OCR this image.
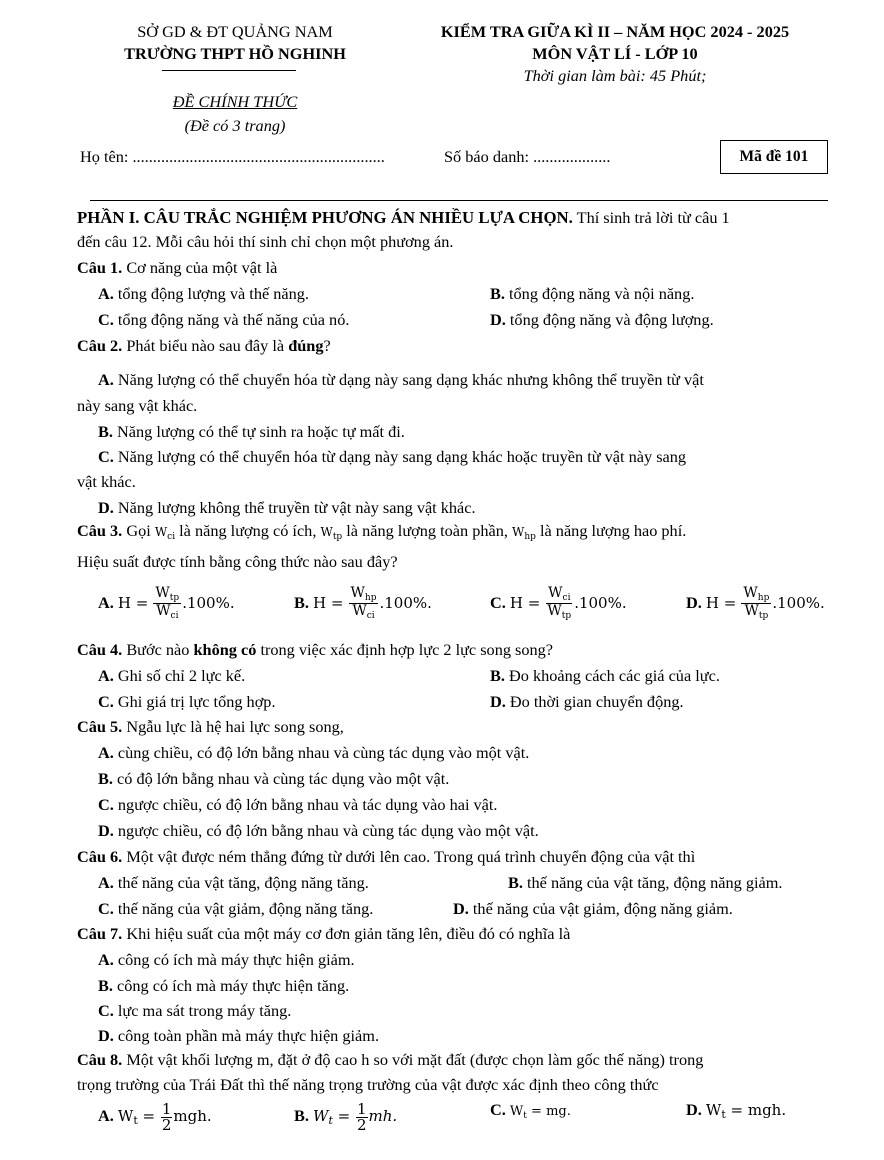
SỞ GD & ĐT QUẢNG NAM
TRƯỜNG THPT HỒ NGHINH
ĐỀ CHÍNH THỨC
(Đề có 3 trang)
KIỂM TRA GIỮA KÌ II – NĂM HỌC 2024 - 2025
MÔN VẬT LÍ - LỚP 10
Thời gian làm bài: 45 Phút;
Họ tên: ..............................................................	Số báo danh: ...................	Mã đề 101
PHẦN I. CÂU TRẮC NGHIỆM PHƯƠNG ÁN NHIỀU LỰA CHỌN. Thí sinh trả lời từ câu 1
đến câu 12. Mỗi câu hỏi thí sinh chỉ chọn một phương án.
Câu 1. Cơ năng của một vật là
A. tổng động lượng và thế năng.	B. tổng động năng và nội năng.
C. tổng động năng và thế năng của nó.	D. tổng động năng và động lượng.
Câu 2. Phát biểu nào sau đây là đúng?
A. Năng lượng có thể chuyển hóa từ dạng này sang dạng khác nhưng không thể truyền từ vật
này sang vật khác.
B. Năng lượng có thể tự sinh ra hoặc tự mất đi.
C. Năng lượng có thể chuyển hóa từ dạng này sang dạng khác hoặc truyền từ vật này sang
vật khác.
D. Năng lượng không thể truyền từ vật này sang vật khác.
Câu 3. Gọi $W_{ci}$ là năng lượng có ích, $W_{tp}$ là năng lượng toàn phần, $W_{hp}$ là năng lượng hao phí.
Hiệu suất được tính bằng công thức nào sau đây?
A. $H = \frac{W_{tp}}{W_{ci}} .100\%$.	B. $H = \frac{W_{hp}}{W_{ci}} .100\%$.	C. $H = \frac{W_{ci}}{W_{tp}} .100\%$.	D. $H = \frac{W_{hp}}{W_{tp}} .100\%$.
Câu 4. Bước nào không có trong việc xác định hợp lực 2 lực song song?
A. Ghi số chỉ 2 lực kế.	B. Đo khoảng cách các giá của lực.
C. Ghi giá trị lực tổng hợp.	D. Đo thời gian chuyển động.
Câu 5. Ngẫu lực là hệ hai lực song song,
A. cùng chiều, có độ lớn bằng nhau và cùng tác dụng vào một vật.
B. có độ lớn bằng nhau và cùng tác dụng vào một vật.
C. ngược chiều, có độ lớn bằng nhau và tác dụng vào hai vật.
D. ngược chiều, có độ lớn bằng nhau và cùng tác dụng vào một vật.
Câu 6. Một vật được ném thẳng đứng từ dưới lên cao. Trong quá trình chuyển động của vật thì
A. thế năng của vật tăng, động năng tăng.	B. thế năng của vật tăng, động năng giảm.
C. thế năng của vật giảm, động năng tăng.	D. thế năng của vật giảm, động năng giảm.
Câu 7. Khi hiệu suất của một máy cơ đơn giản tăng lên, điều đó có nghĩa là
A. công có ích mà máy thực hiện giảm.
B. công có ích mà máy thực hiện tăng.
C. lực ma sát trong máy tăng.
D. công toàn phần mà máy thực hiện giảm.
Câu 8. Một vật khối lượng m, đặt ở độ cao h so với mặt đất (được chọn làm gốc thế năng) trong
trọng trường của Trái Đất thì thế năng trọng trường của vật được xác định theo công thức
A. $W_t = \frac{1}{2}$ mgh.	B. $W_t = \frac{1}{2}$ mh.	C. $W_t$ = mg.	D. $W_t$ = mgh.
